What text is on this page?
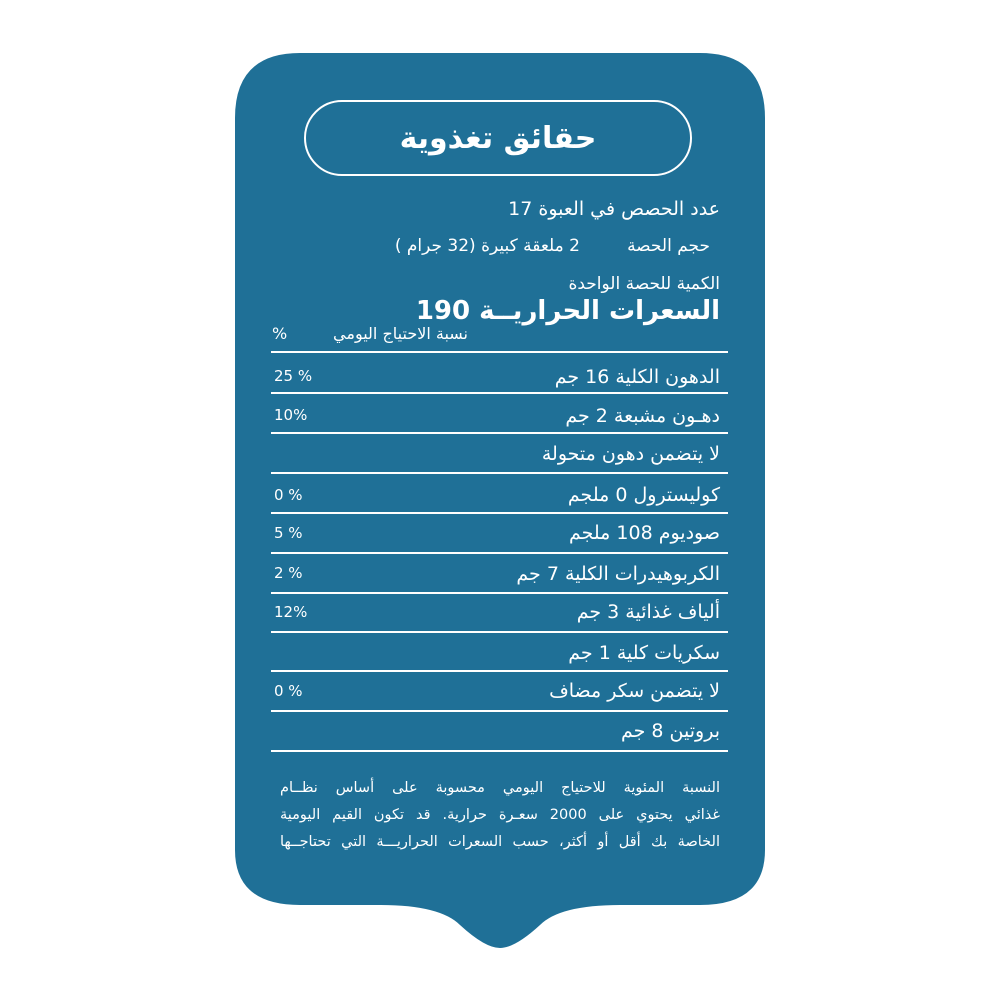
حقائق تغذوية
عدد الحصص في العبوة 17
حجم الحصة
2 ملعقة كبيرة (32 جرام )
الكمية للحصة الواحدة
السعرات الحراريــة 190
نسبة الاحتياج اليومي
%
الدهون الكلية 16 جم
25 %
دهـون مشبعة 2 جم
10%
لا يتضمن دهون متحولة
كوليسترول 0 ملجم
0 %
صوديوم 108 ملجم
5 %
الكربوهيدرات الكلية 7 جم
2 %
ألياف غذائية 3 جم
12%
سكريات كلية 1 جم
لا يتضمن سكر مضاف
0 %
بروتين 8 جم

النسبة المئوية للاحتياج اليومي محسوبة على أساس نظــام

غذائي يحتوي على 2000 سعـرة حرارية. قد تكون القيم اليومية

الخاصة بك أقل أو أكثر، حسب السعرات الحراريـــة التي تحتاجــها
